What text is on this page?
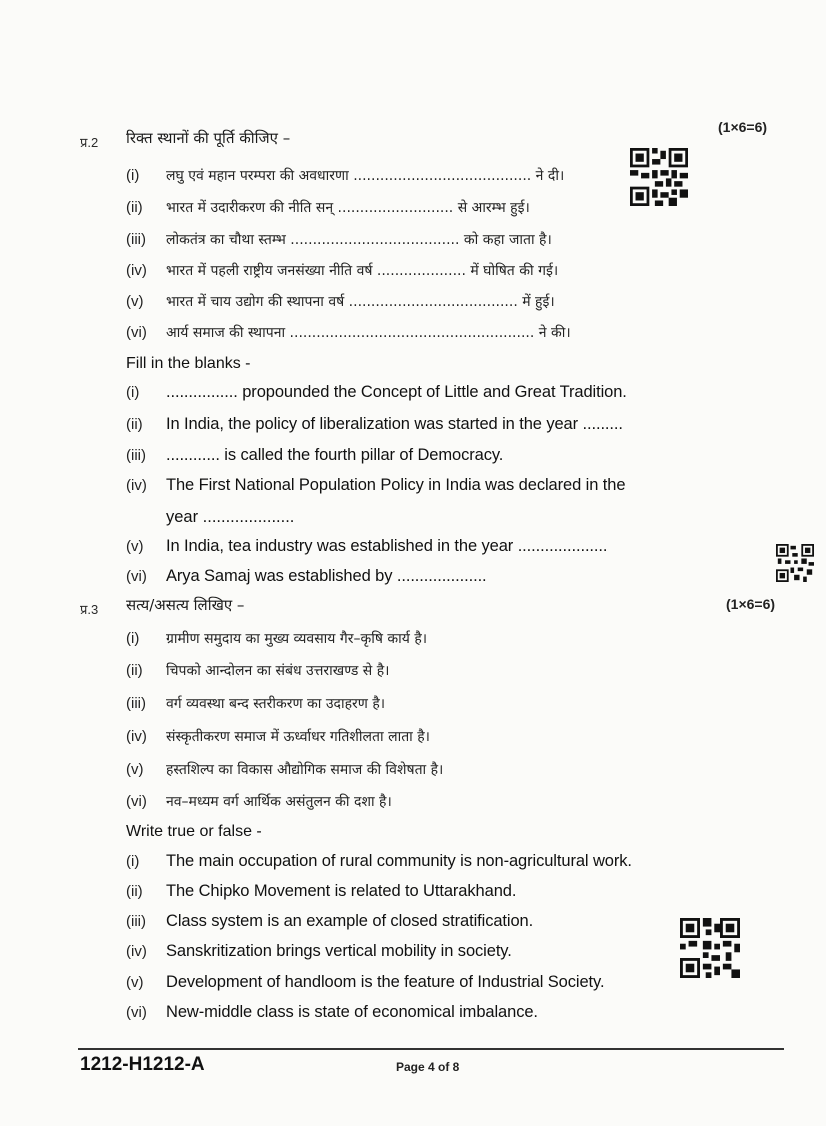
प्र.2 रिक्त स्थानों की पूर्ति कीजिए –
(1×6=6)
(i)	लघु एवं महान परम्परा की अवधारणा ........................................ ने दी।
(ii)	भारत में उदारीकरण की नीति सन् .......................... से आरम्भ हुई।
(iii)	लोकतंत्र का चौथा स्तम्भ ...................................... को कहा जाता है।
(iv)	भारत में पहली राष्ट्रीय जनसंख्या नीति वर्ष .................... में घोषित की गई।
(v)	भारत में चाय उद्योग की स्थापना वर्ष ...................................... में हुई।
(vi)	आर्य समाज की स्थापना ....................................................... ने की।
Fill in the blanks -
(i)	................ propounded the Concept of Little and Great Tradition.
(ii)	In India, the policy of liberalization was started in the year .........
(iii)	............ is called the fourth pillar of Democracy.
(iv)	The First National Population Policy in India was declared in the
year ....................
(v)	In India, tea industry was established in the year ....................
(vi)	Arya Samaj was established by ....................
प्र.3 सत्य/असत्य लिखिए –	(1×6=6)
(i)	ग्रामीण समुदाय का मुख्य व्यवसाय गैर–कृषि कार्य है।
(ii)	चिपको आन्दोलन का संबंध उत्तराखण्ड से है।
(iii)	वर्ग व्यवस्था बन्द स्तरीकरण का उदाहरण है।
(iv)	संस्कृतीकरण समाज में ऊर्ध्वाधर गतिशीलता लाता है।
(v)	हस्तशिल्प का विकास औद्योगिक समाज की विशेषता है।
(vi)	नव–मध्यम वर्ग आर्थिक असंतुलन की दशा है।
Write true or false -
(i)	The main occupation of rural community is non-agricultural work.
(ii)	The Chipko Movement is related to Uttarakhand.
(iii)	Class system is an example of closed stratification.
(iv)	Sanskritization brings vertical mobility in society.
(v)	Development of handloom is the feature of Industrial Society.
(vi)	New-middle class is state of economical imbalance.
1212-H1212-A	Page 4 of 8
